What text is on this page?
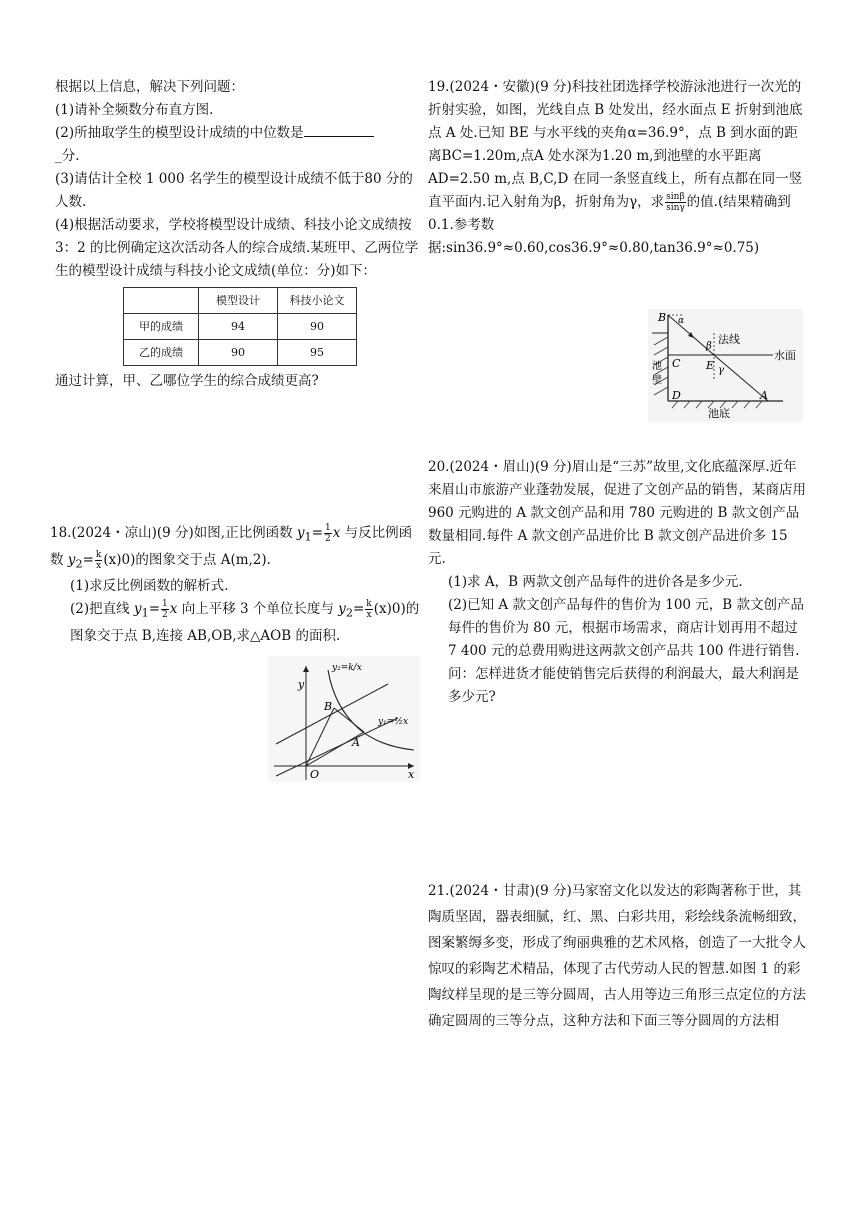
根据以上信息，解决下列问题：

(1)请补全频数分布直方图.

(2)所抽取学生的模型设计成绩的中位数是

_分.

(3)请估计全校 1 000 名学生的模型设计成绩不低于80 分的人数.

(4)根据活动要求，学校将模型设计成绩、科技小论文成绩按 3：2 的比例确定这次活动各人的综合成绩.某班甲、乙两位学生的模型设计成绩与科技小论文成绩(单位：分)如下：

	模型设计	科技小论文
甲的成绩	94	90
乙的成绩	90	95

通过计算，甲、乙哪位学生的综合成绩更高?

18.(2024・凉山)(9 分)如图,正比例函数 $y_1= \frac{1}{2}$ x 与反比例函数 $y_2= \frac{k}{x} (x)0$)的图象交于点 A(m,2).

(1)求反比例函数的解析式.

(2)把直线 $y_1= \frac{1}{2}$ x 向上平移 3 个单位长度与 $y_2= \frac{k}{x} (x)0$)的图象交于点 B,连接 AB,OB,求△AOB 的面积.

y
x
O
A
B
y₁=½x
y₂=k/x

19.(2024・安徽)(9 分)科技社团选择学校游泳池进行一次光的折射实验，如图，光线自点 B 处发出，经水面点 E 折射到池底点 A 处.已知 BE 与水平线的夹角α=36.9°，点 B 到水面的距离BC=1.20m,点A 处水深为1.20 m,到池壁的水平距离 AD=2.50 m,点 B,C,D 在同一条竖直线上，所有点都在同一竖直平面内.记入射角为β，折射角为γ，求 $\frac{\sin\beta}{\sin\gamma}$ 的值.(结果精确到 0.1.参考数据:sin36.9°≈0.60,cos36.9°≈0.80,tan36.9°≈0.75)

B α
β
法线
水面
C E γ
池
壁
D	A
池底

20.(2024・眉山)(9 分)眉山是“三苏”故里,文化底蕴深厚.近年来眉山市旅游产业蓬勃发展，促进了文创产品的销售，某商店用 960 元购进的 A 款文创产品和用 780 元购进的 B 款文创产品数量相同.每件 A 款文创产品进价比 B 款文创产品进价多 15 元.

(1)求 A，B 两款文创产品每件的进价各是多少元.

(2)已知 A 款文创产品每件的售价为 100 元，B 款文创产品每件的售价为 80 元，根据市场需求，商店计划再用不超过 7 400 元的总费用购进这两款文创产品共 100 件进行销售.问：怎样进货才能使销售完后获得的利润最大，最大利润是多少元?

21.(2024・甘肃)(9 分)马家窑文化以发达的彩陶著称于世，其陶质坚固，器表细腻，红、黑、白彩共用，彩绘线条流畅细致，图案繁缛多变，形成了绚丽典雅的艺术风格，创造了一大批令人惊叹的彩陶艺术精品，体现了古代劳动人民的智慧.如图 1 的彩陶纹样呈现的是三等分圆周，古人用等边三角形三点定位的方法确定圆周的三等分点，这种方法和下面三等分圆周的方法相
